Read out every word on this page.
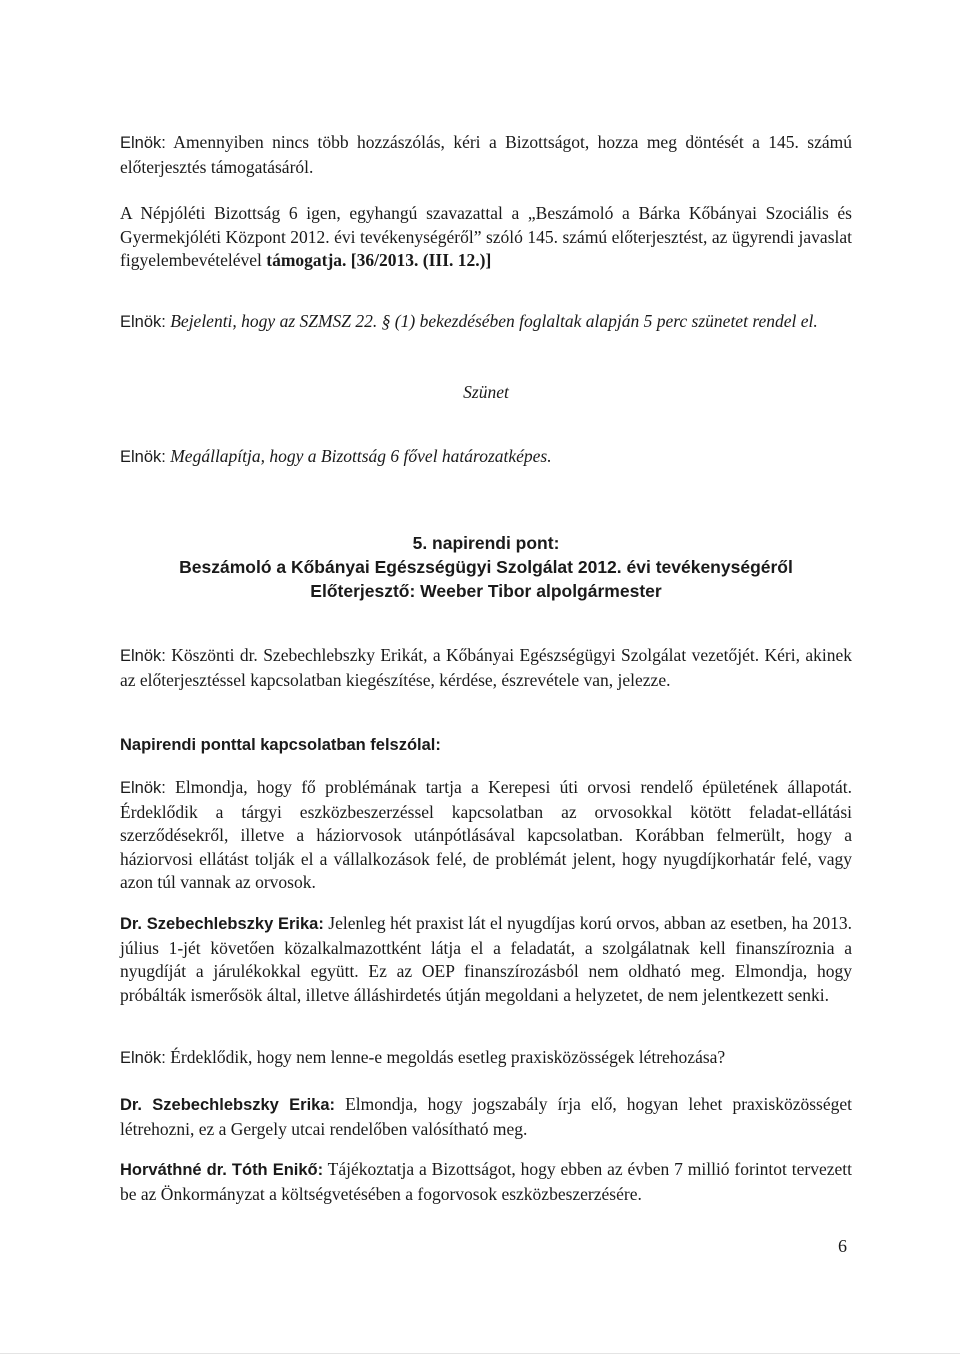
Elnök: Amennyiben nincs több hozzászólás, kéri a Bizottságot, hozza meg döntését a 145. számú előterjesztés támogatásáról.

A Népjóléti Bizottság 6 igen, egyhangú szavazattal a „Beszámoló a Bárka Kőbányai Szociális és Gyermekjóléti Központ 2012. évi tevékenységéről” szóló 145. számú előterjesztést, az ügyrendi javaslat figyelembevételével támogatja. [36/2013. (III. 12.)]

Elnök: Bejelenti, hogy az SZMSZ 22. § (1) bekezdésében foglaltak alapján 5 perc szünetet rendel el.

Szünet

Elnök: Megállapítja, hogy a Bizottság 6 fővel határozatképes.

5. napirendi pont:

Beszámoló a Kőbányai Egészségügyi Szolgálat 2012. évi tevékenységéről

Előterjesztő: Weeber Tibor alpolgármester

Elnök: Köszönti dr. Szebechlebszky Erikát, a Kőbányai Egészségügyi Szolgálat vezetőjét. Kéri, akinek az előterjesztéssel kapcsolatban kiegészítése, kérdése, észrevétele van, jelezze.

Napirendi ponttal kapcsolatban felszólal:

Elnök: Elmondja, hogy fő problémának tartja a Kerepesi úti orvosi rendelő épületének állapotát. Érdeklődik a tárgyi eszközbeszerzéssel kapcsolatban az orvosokkal kötött feladat-ellátási szerződésekről, illetve a háziorvosok utánpótlásával kapcsolatban. Korábban felmerült, hogy a háziorvosi ellátást tolják el a vállalkozások felé, de problémát jelent, hogy nyugdíjkorhatár felé, vagy azon túl vannak az orvosok.

Dr. Szebechlebszky Erika: Jelenleg hét praxist lát el nyugdíjas korú orvos, abban az esetben, ha 2013. július 1-jét követően közalkalmazottként látja el a feladatát, a szolgálatnak kell finanszíroznia a nyugdíját a járulékokkal együtt. Ez az OEP finanszírozásból nem oldható meg. Elmondja, hogy próbálták ismerősök által, illetve álláshirdetés útján megoldani a helyzetet, de nem jelentkezett senki.

Elnök: Érdeklődik, hogy nem lenne-e megoldás esetleg praxisközösségek létrehozása?

Dr. Szebechlebszky Erika: Elmondja, hogy jogszabály írja elő, hogyan lehet praxisközösséget létrehozni, ez a Gergely utcai rendelőben valósítható meg.

Horváthné dr. Tóth Enikő: Tájékoztatja a Bizottságot, hogy ebben az évben 7 millió forintot tervezett be az Önkormányzat a költségvetésében a fogorvosok eszközbeszerzésére.

6
